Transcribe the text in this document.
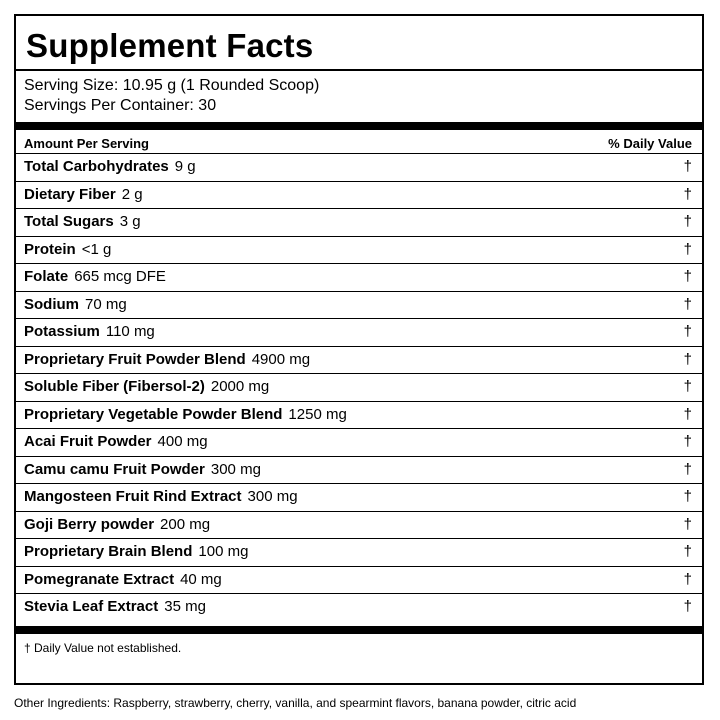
Supplement Facts
Serving Size: 10.95 g (1 Rounded Scoop)
Servings Per Container: 30
Amount Per Serving	% Daily Value
Total Carbohydrates 9 g	†
Dietary Fiber 2 g	†
Total Sugars 3 g	†
Protein <1 g	†
Folate 665 mcg DFE	†
Sodium 70 mg	†
Potassium 110 mg	†
Proprietary Fruit Powder Blend 4900 mg	†
Soluble Fiber (Fibersol-2) 2000 mg	†
Proprietary Vegetable Powder Blend 1250 mg	†
Acai Fruit Powder 400 mg	†
Camu camu Fruit Powder 300 mg	†
Mangosteen Fruit Rind Extract 300 mg	†
Goji Berry powder 200 mg	†
Proprietary Brain Blend 100 mg	†
Pomegranate Extract 40 mg	†
Stevia Leaf Extract 35 mg	†
† Daily Value not established.
Other Ingredients: Raspberry, strawberry, cherry, vanilla, and spearmint flavors, banana powder, citric acid
